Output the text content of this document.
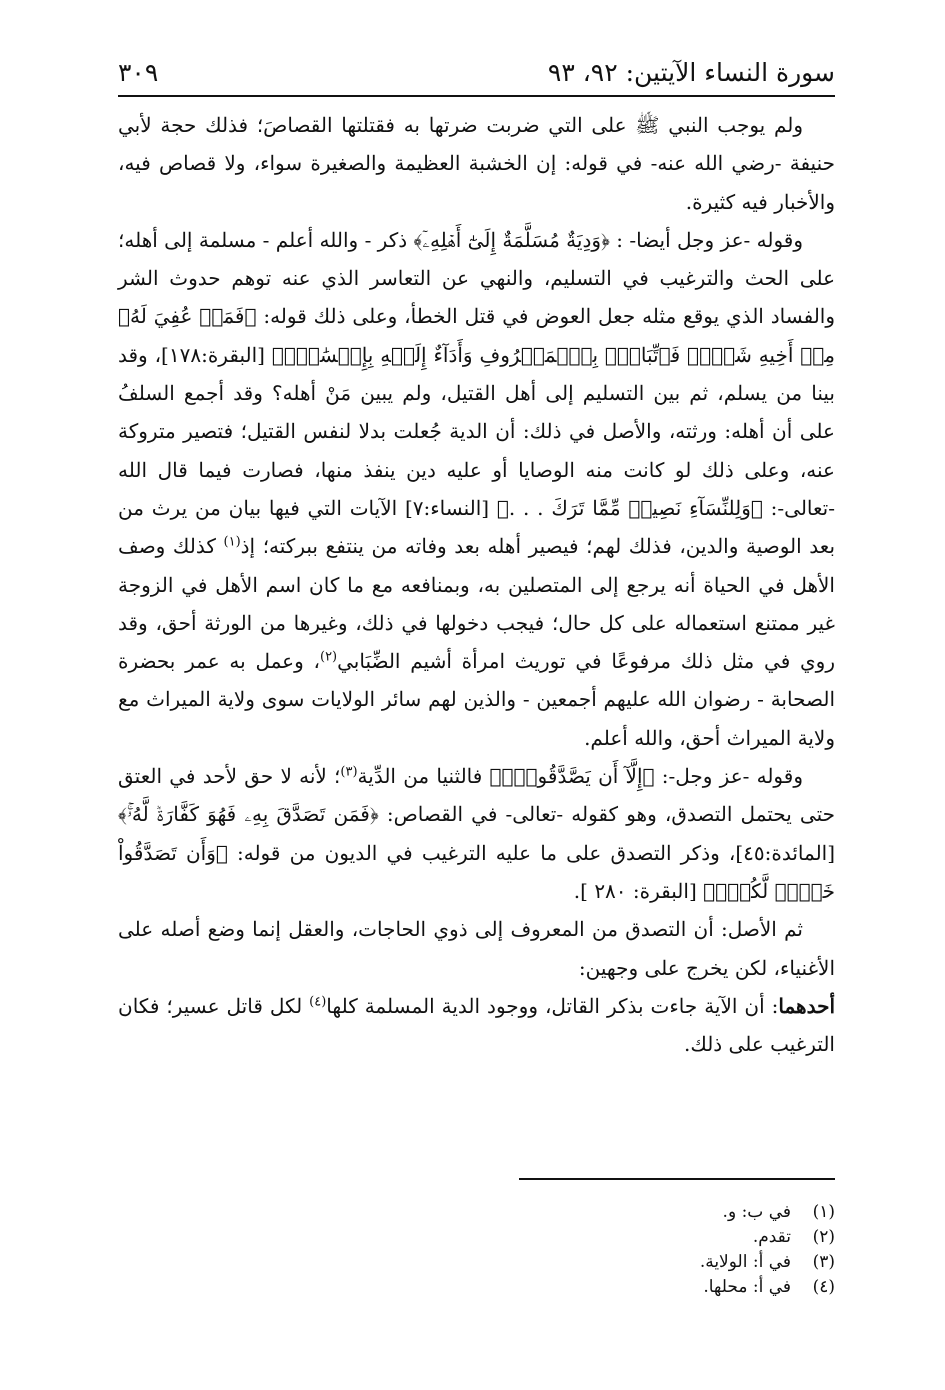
سورة النساء الآيتين: ٩٢، ٩٣
٣٠٩

ولم يوجب النبي ﷺ على التي ضربت ضرتها به فقتلتها القصاصَ؛ فذلك حجة لأبي حنيفة -رضي الله عنه- في قوله: إن الخشبة العظيمة والصغيرة سواء، ولا قصاص فيه، والأخبار فيه كثيرة.

وقوله -عز وجل أيضا- : ﴿وَدِيَةٌ مُسَلَّمَةٌ إِلَىٰٓ أَهۡلِهِۦٓ﴾ ذكر - والله أعلم - مسلمة إلى أهله؛ على الحث والترغيب في التسليم، والنهي عن التعاسر الذي عنه توهم حدوث الشر والفساد الذي يوقع مثله جعل العوض في قتل الخطأ، وعلى ذلك قوله: ﴿فَمَنۡ عُفِيَ لَهُۥ مِنۡ أَخِيهِ شَيۡءٞ فَٱتِّبَاعُۢ بِٱلۡمَعۡرُوفِ وَأَدَآءٌ إِلَيۡهِ بِإِحۡسَٰنٖۗ﴾ [البقرة:١٧٨]، وقد بينا من يسلم، ثم بين التسليم إلى أهل القتيل، ولم يبين مَنْ أهله؟ وقد أجمع السلفُ على أن أهله: ورثته، والأصل في ذلك: أن الدية جُعلت بدلا لنفس القتيل؛ فتصير متروكة عنه، وعلى ذلك لو كانت منه الوصايا أو عليه دين ينفذ منها، فصارت فيما قال الله -تعالى-: ﴿وَلِلنِّسَآءِ نَصِيبٞ مِّمَّا تَرَكَ . . .﴾ [النساء:٧] الآيات التي فيها بيان من يرث من بعد الوصية والدين، فذلك لهم؛ فيصير أهله بعد وفاته من ينتفع ببركته؛ إذ$^{(١)}$ كذلك وصف الأهل في الحياة أنه يرجع إلى المتصلين به، وبمنافعه مع ما كان اسم الأهل في الزوجة غير ممتنع استعماله على كل حال؛ فيجب دخولها في ذلك، وغيرها من الورثة أحق، وقد روي في مثل ذلك مرفوعًا في توريث امرأة أشيم الضِّبَابي$^{(٢)}$، وعمل به عمر بحضرة الصحابة - رضوان الله عليهم أجمعين - والذين لهم سائر الولايات سوى ولاية الميراث مع ولاية الميراث أحق، والله أعلم.

وقوله -عز وجل-: ﴿إِلَّآ أَن يَصَّدَّقُواْۚ﴾ فالثنيا من الدِّية$^{(٣)}$؛ لأنه لا حق لأحد في العتق حتى يحتمل التصدق، وهو كقوله -تعالى- في القصاص: ﴿فَمَن تَصَدَّقَ بِهِۦ فَهُوَ كَفَّارَةٞ لَّهُۥۚ﴾ [المائدة:٤٥]، وذكر التصدق على ما عليه الترغيب في الديون من قوله: ﴿وَأَن تَصَدَّقُواْ خَيۡرٞ لَّكُمۡۖ﴾ [البقرة: ٢٨٠ ].

ثم الأصل: أن التصدق من المعروف إلى ذوي الحاجات، والعقل إنما وضع أصله على الأغنياء، لكن يخرج على وجهين:

أحدهما: أن الآية جاءت بذكر القاتل، ووجود الدية المسلمة كلها$^{(٤)}$ لكل قاتل عسير؛ فكان الترغيب على ذلك.

(١)في ب: و.
(٢)تقدم.
(٣)في أ: الولاية.
(٤)في أ: محلها.
